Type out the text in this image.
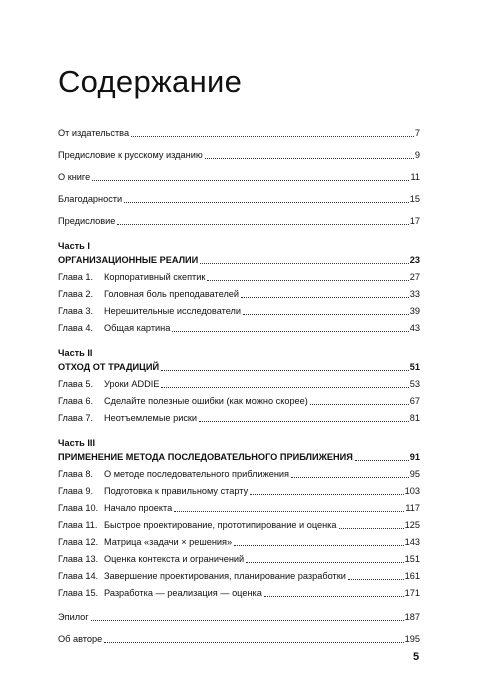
Содержание
От издательства	7
Предисловие к русскому изданию	9
О книге	11
Благодарности	15
Предисловие	17
Часть I
ОРГАНИЗАЦИОННЫЕ РЕАЛИИ	23
Глава 1.	Корпоративный скептик	27
Глава 2.	Головная боль преподавателей	33
Глава 3.	Нерешительные исследователи	39
Глава 4.	Общая картина	43
Часть II
ОТХОД ОТ ТРАДИЦИЙ	51
Глава 5.	Уроки ADDIE	53
Глава 6.	Сделайте полезные ошибки (как можно скорее)	67
Глава 7.	Неотъемлемые риски	81
Часть III
ПРИМЕНЕНИЕ МЕТОДА ПОСЛЕДОВАТЕЛЬНОГО ПРИБЛИЖЕНИЯ	91
Глава 8.	О методе последовательного приближения	95
Глава 9.	Подготовка к правильному старту	103
Глава 10. Начало проекта	117
Глава 11. Быстрое проектирование, прототипирование и оценка	125
Глава 12. Матрица «задачи × решения»	143
Глава 13. Оценка контекста и ограничений	151
Глава 14. Завершение проектирования, планирование разработки	161
Глава 15. Разработка — реализация — оценка	171
Эпилог	187
Об авторе	195
5
